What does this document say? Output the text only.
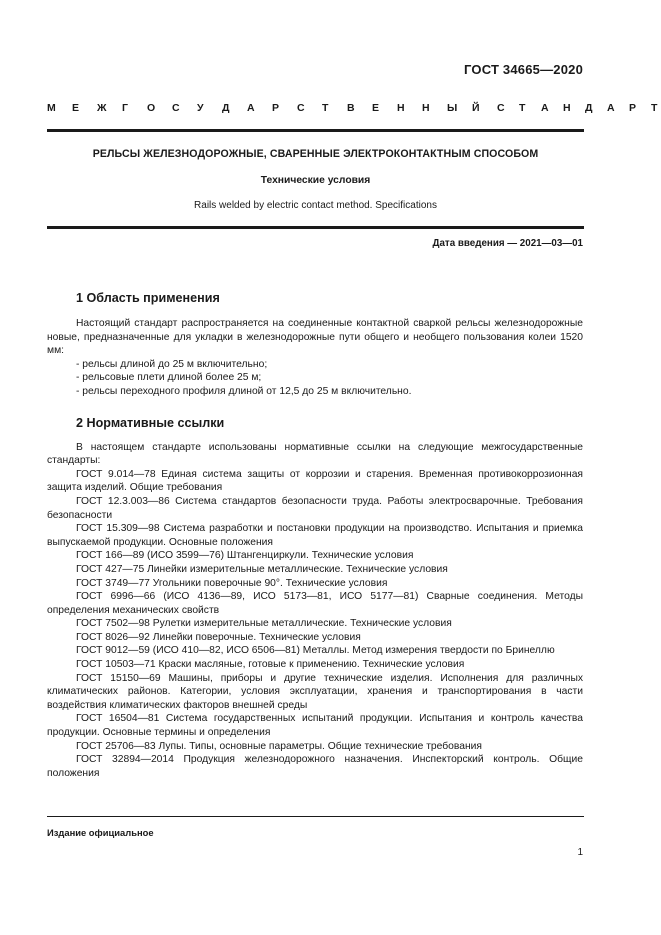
ГОСТ 34665—2020
М	Е	Ж	Г	О	С	У	Д	А	Р	С	Т	В	Е	Н	Н	Ы	Й	С	Т	А	Н	Д	А	Р	Т
РЕЛЬСЫ ЖЕЛЕЗНОДОРОЖНЫЕ, СВАРЕННЫЕ ЭЛЕКТРОКОНТАКТНЫМ СПОСОБОМ
Технические условия
Rails welded by electric contact method. Specifications
Дата введения — 2021—03—01
1 Область применения

Настоящий стандарт распространяется на соединенные контактной сваркой рельсы железнодорожные новые, предназначенные для укладки в железнодорожные пути общего и необщего пользования колеи 1520 мм:

- рельсы длиной до 25 м включительно;
- рельсовые плети длиной более 25 м;
- рельсы переходного профиля длиной от 12,5 до 25 м включительно.
2 Нормативные ссылки

В настоящем стандарте использованы нормативные ссылки на следующие межгосударственные стандарты:

ГОСТ 9.014—78 Единая система защиты от коррозии и старения. Временная противокоррозионная защита изделий. Общие требования

ГОСТ 12.3.003—86 Система стандартов безопасности труда. Работы электросварочные. Требования безопасности

ГОСТ 15.309—98 Система разработки и постановки продукции на производство. Испытания и приемка выпускаемой продукции. Основные положения

ГОСТ 166—89 (ИСО 3599—76) Штангенциркули. Технические условия

ГОСТ 427—75 Линейки измерительные металлические. Технические условия

ГОСТ 3749—77 Угольники поверочные 90°. Технические условия

ГОСТ 6996—66 (ИСО 4136—89, ИСО 5173—81, ИСО 5177—81) Сварные соединения. Методы определения механических свойств

ГОСТ 7502—98 Рулетки измерительные металлические. Технические условия

ГОСТ 8026—92 Линейки поверочные. Технические условия

ГОСТ 9012—59 (ИСО 410—82, ИСО 6506—81) Металлы. Метод измерения твердости по Бринеллю

ГОСТ 10503—71 Краски масляные, готовые к применению. Технические условия

ГОСТ 15150—69 Машины, приборы и другие технические изделия. Исполнения для различных климатических районов. Категории, условия эксплуатации, хранения и транспортирования в части воздействия климатических факторов внешней среды

ГОСТ 16504—81 Система государственных испытаний продукции. Испытания и контроль качества продукции. Основные термины и определения

ГОСТ 25706—83 Лупы. Типы, основные параметры. Общие технические требования

ГОСТ 32894—2014 Продукция железнодорожного назначения. Инспекторский контроль. Общие положения

Издание официальное
1
